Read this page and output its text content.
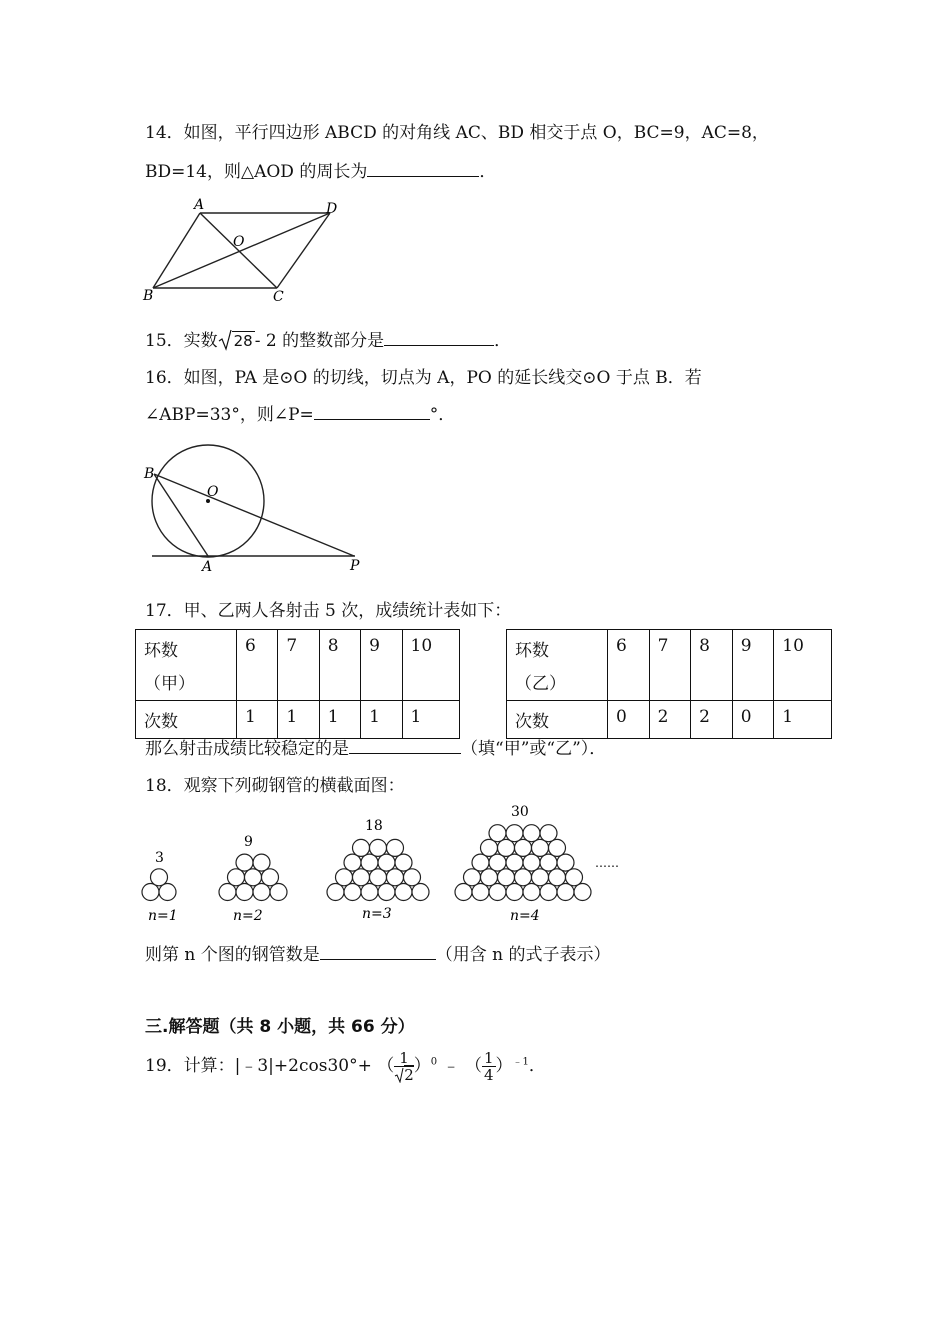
14．如图，平行四边形 ABCD 的对角线 AC、BD 相交于点 O，BC=9，AC=8，
BD=14，则△AOD 的周长为	．
A	D
O
B	C
15．实数 28 - 2 的整数部分是	．
16．如图，PA 是⊙O 的切线，切点为 A，PO 的延长线交⊙O 于点 B．若
∠ABP=33°，则∠P=	°．
B
O
A	P
17．甲、乙两人各射击 5 次，成绩统计表如下：
环数
（甲）	6	7	8	9	10
次数	1	1	1	1	1
环数
（乙）	6	7	8	9	10
次数	0	2	2	0	1
那么射击成绩比较稳定的是	（填“甲”或“乙”）．
18．观察下列砌钢管的横截面图：
3
9
18
30
n=1	n=2	n=3	n=4
……
则第 n 个图的钢管数是	（用含 n 的式子表示）
三.解答题（共 8 小题，共 66 分）
19．计算：|﹣3|+2cos30°+ （ $\frac{1}{2} )^0$ ﹣ （ $\frac{1}{4} )^{﹣1}$．
